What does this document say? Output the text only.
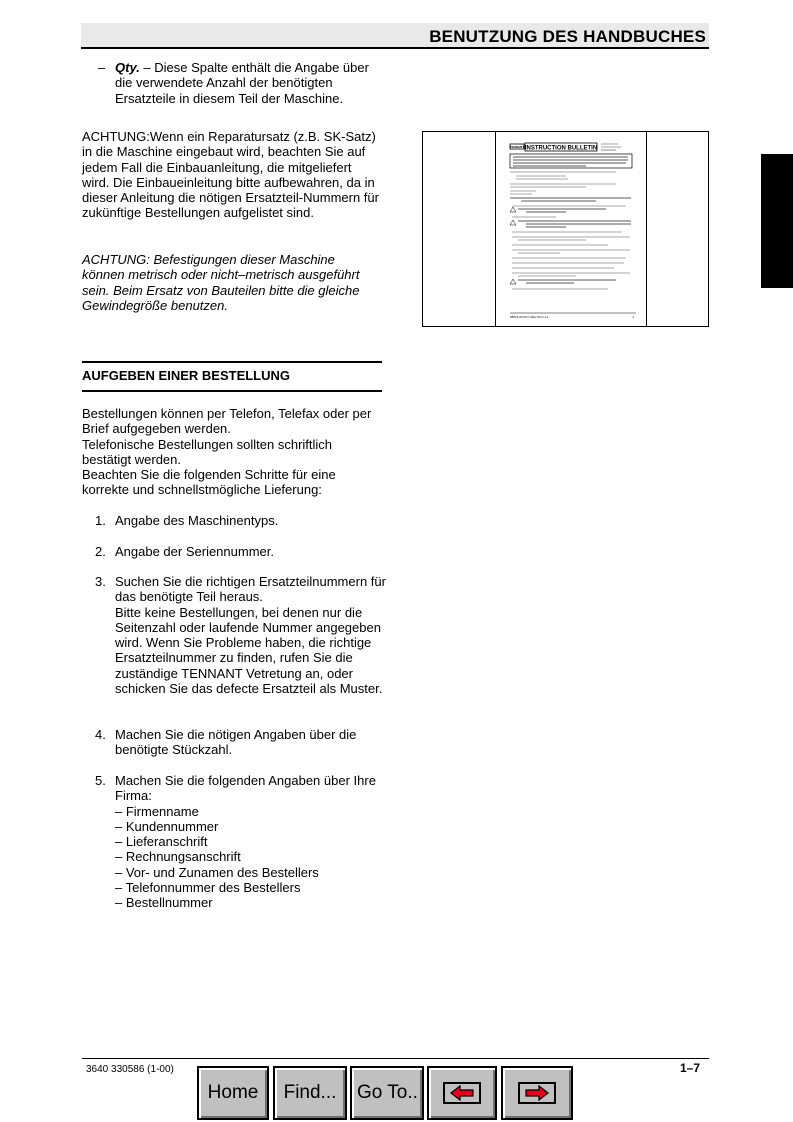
BENUTZUNG DES HANDBUCHES
– Qty. – Diese Spalte enthält die Angabe über die verwendete Anzahl der benötigten Ersatzteile in diesem Teil der Maschine.

ACHTUNG:Wenn ein Reparatursatz (z.B. SK-Satz) in die Maschine eingebaut wird, beachten Sie auf jedem Fall die Einbauanleitung, die mitgeliefert wird. Die Einbaueinleitung bitte aufbewahren, da in dieser Anleitung die nötigen Ersatzteil-Nummern für zukünftige Bestellungen aufgelistet sind.

ACHTUNG: Befestigungen dieser Maschine können metrisch oder nicht–metrisch ausgeführt sein. Beim Ersatz von Bauteilen bitte die gleiche Gewindegröße benutzen.

TENNANT INSTRUCTION BULLETIN
98019-83-PLC REV 09 A-1-1	1
AUFGEBEN EINER BESTELLUNG

Bestellungen können per Telefon, Telefax oder per Brief aufgegeben werden.

Telefonische Bestellungen sollten schriftlich bestätigt werden.

Beachten Sie die folgenden Schritte für eine korrekte und schnellstmögliche Lieferung:

1. Angabe des Maschinentyps.
2. Angabe der Seriennummer.
3. Suchen Sie die richtigen Ersatzteilnummern für das benötigte Teil heraus.
Bitte keine Bestellungen, bei denen nur die Seitenzahl oder laufende Nummer angegeben wird. Wenn Sie Probleme haben, die richtige Ersatzteilnummer zu finden, rufen Sie die zuständige TENNANT Vetretung an, oder schicken Sie das defecte Ersatzteil als Muster.
4. Machen Sie die nötigen Angaben über die benötigte Stückzahl.
5. Machen Sie die folgenden Angaben über Ihre Firma:
– Firmenname
– Kundennummer
– Lieferanschrift
– Rechnungsanschrift
– Vor- und Zunamen des Bestellers
– Telefonnummer des Bestellers
– Bestellnummer
3640 330586 (1-00)	1–7
Home Find... Go To..
